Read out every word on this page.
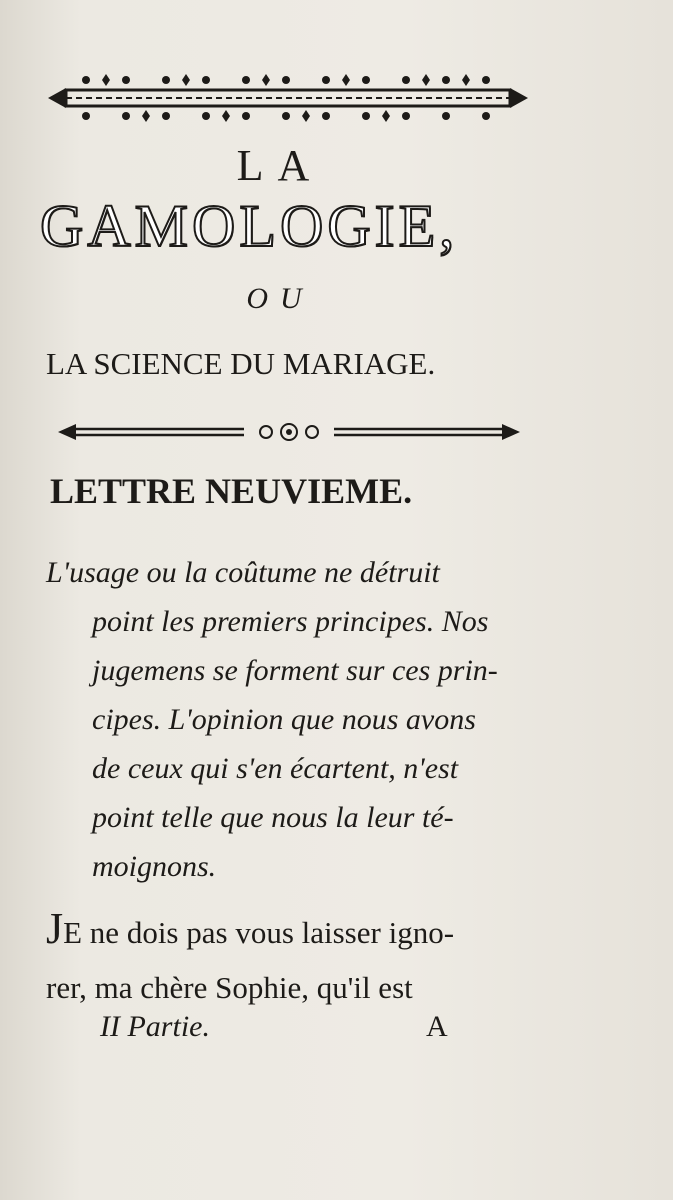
LA
GAMOLOGIE,
OU
LA SCIENCE DU MARIAGE.
LETTRE NEUVIEME.
L'usage ou la coûtume ne détruit
point les premiers principes. Nos
jugemens se forment sur ces prin-
cipes. L'opinion que nous avons
de ceux qui s'en écartent, n'est
point telle que nous la leur té-
moignons.
JE ne dois pas vous laisser igno-
rer, ma chère Sophie, qu'il est
II Partie.	A
